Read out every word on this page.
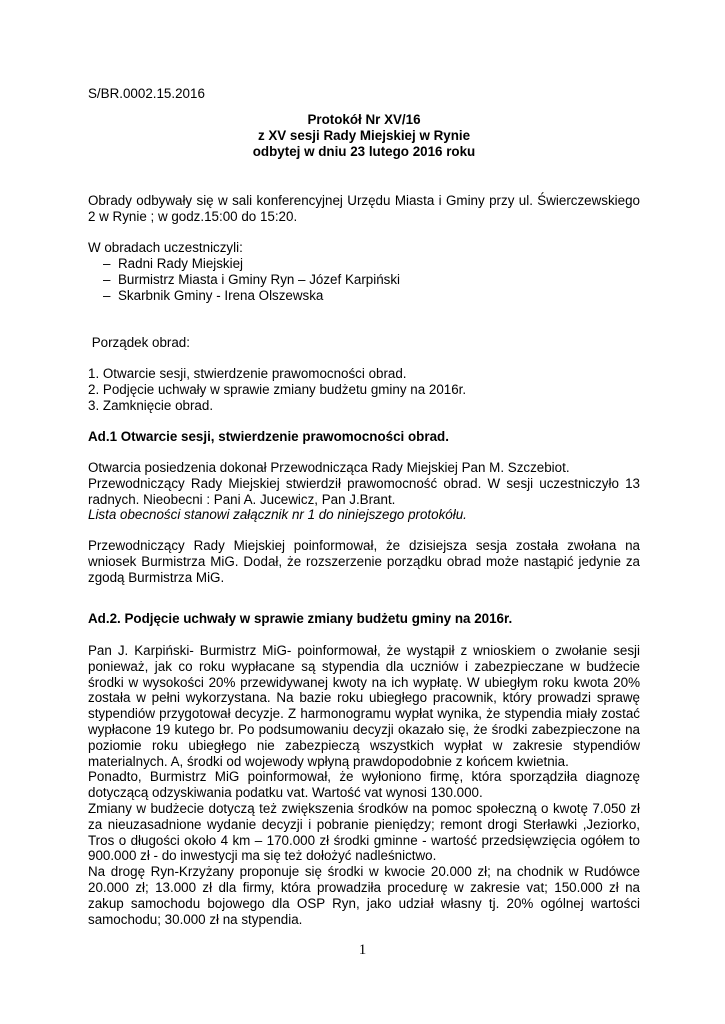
S/BR.0002.15.2016

Protokół Nr XV/16
z XV sesji Rady Miejskiej w Rynie
odbytej w dniu 23 lutego 2016 roku
Obrady odbywały się w sali konferencyjnej Urzędu Miasta i Gminy przy ul. Świerczewskiego
2 w Rynie ; w godz.15:00 do 15:20.

W obradach uczestniczyli:

– Radni Rady Miejskiej
– Burmistrz Miasta i Gminy Ryn – Józef Karpiński
– Skarbnik Gminy - Irena Olszewska

Porządek obrad:

1. Otwarcie sesji, stwierdzenie prawomocności obrad.
2. Podjęcie uchwały w sprawie zmiany budżetu gminy na 2016r.
3. Zamknięcie obrad.

Ad.1 Otwarcie sesji, stwierdzenie prawomocności obrad.

Otwarcia posiedzenia dokonał Przewodnicząca Rady Miejskiej Pan M. Szczebiot.
Przewodniczący Rady Miejskiej stwierdził prawomocność obrad. W sesji uczestniczyło 13
radnych. Nieobecni : Pani A. Jucewicz, Pan J.Brant.
Lista obecności stanowi załącznik nr 1 do niniejszego protokółu.
Przewodniczący Rady Miejskiej poinformował, że dzisiejsza sesja została zwołana na
wniosek Burmistrza MiG. Dodał, że rozszerzenie porządku obrad może nastąpić jedynie za
zgodą Burmistrza MiG.

Ad.2. Podjęcie uchwały w sprawie zmiany budżetu gminy na 2016r.

Pan J. Karpiński- Burmistrz MiG- poinformował, że wystąpił z wnioskiem o zwołanie sesji
ponieważ, jak co roku wypłacane są stypendia dla uczniów i zabezpieczane w budżecie
środki w wysokości 20% przewidywanej kwoty na ich wypłatę. W ubiegłym roku kwota 20%
została w pełni wykorzystana. Na bazie roku ubiegłego pracownik, który prowadzi sprawę
stypendiów przygotował decyzje. Z harmonogramu wypłat wynika, że stypendia miały zostać
wypłacone 19 kutego br. Po podsumowaniu decyzji okazało się, że środki zabezpieczone na
poziomie roku ubiegłego nie zabezpieczą wszystkich wypłat w zakresie stypendiów
materialnych. A, środki od wojewody wpłyną prawdopodobnie z końcem kwietnia.
Ponadto, Burmistrz MiG poinformował, że wyłoniono firmę, która sporządziła diagnozę
dotyczącą odzyskiwania podatku vat. Wartość vat wynosi 130.000.
Zmiany w budżecie dotyczą też zwiększenia środków na pomoc społeczną o kwotę 7.050 zł
za nieuzasadnione wydanie decyzji i pobranie pieniędzy; remont drogi Sterławki ,Jeziorko,
Tros o długości około 4 km – 170.000 zł środki gminne - wartość przedsięwzięcia ogółem to
900.000 zł - do inwestycji ma się też dołożyć nadleśnictwo.
Na drogę Ryn-Krzyżany proponuje się środki w kwocie 20.000 zł; na chodnik w Rudówce
20.000 zł; 13.000 zł dla firmy, która prowadziła procedurę w zakresie vat; 150.000 zł na
zakup samochodu bojowego dla OSP Ryn, jako udział własny tj. 20% ogólnej wartości
samochodu; 30.000 zł na stypendia.
1
